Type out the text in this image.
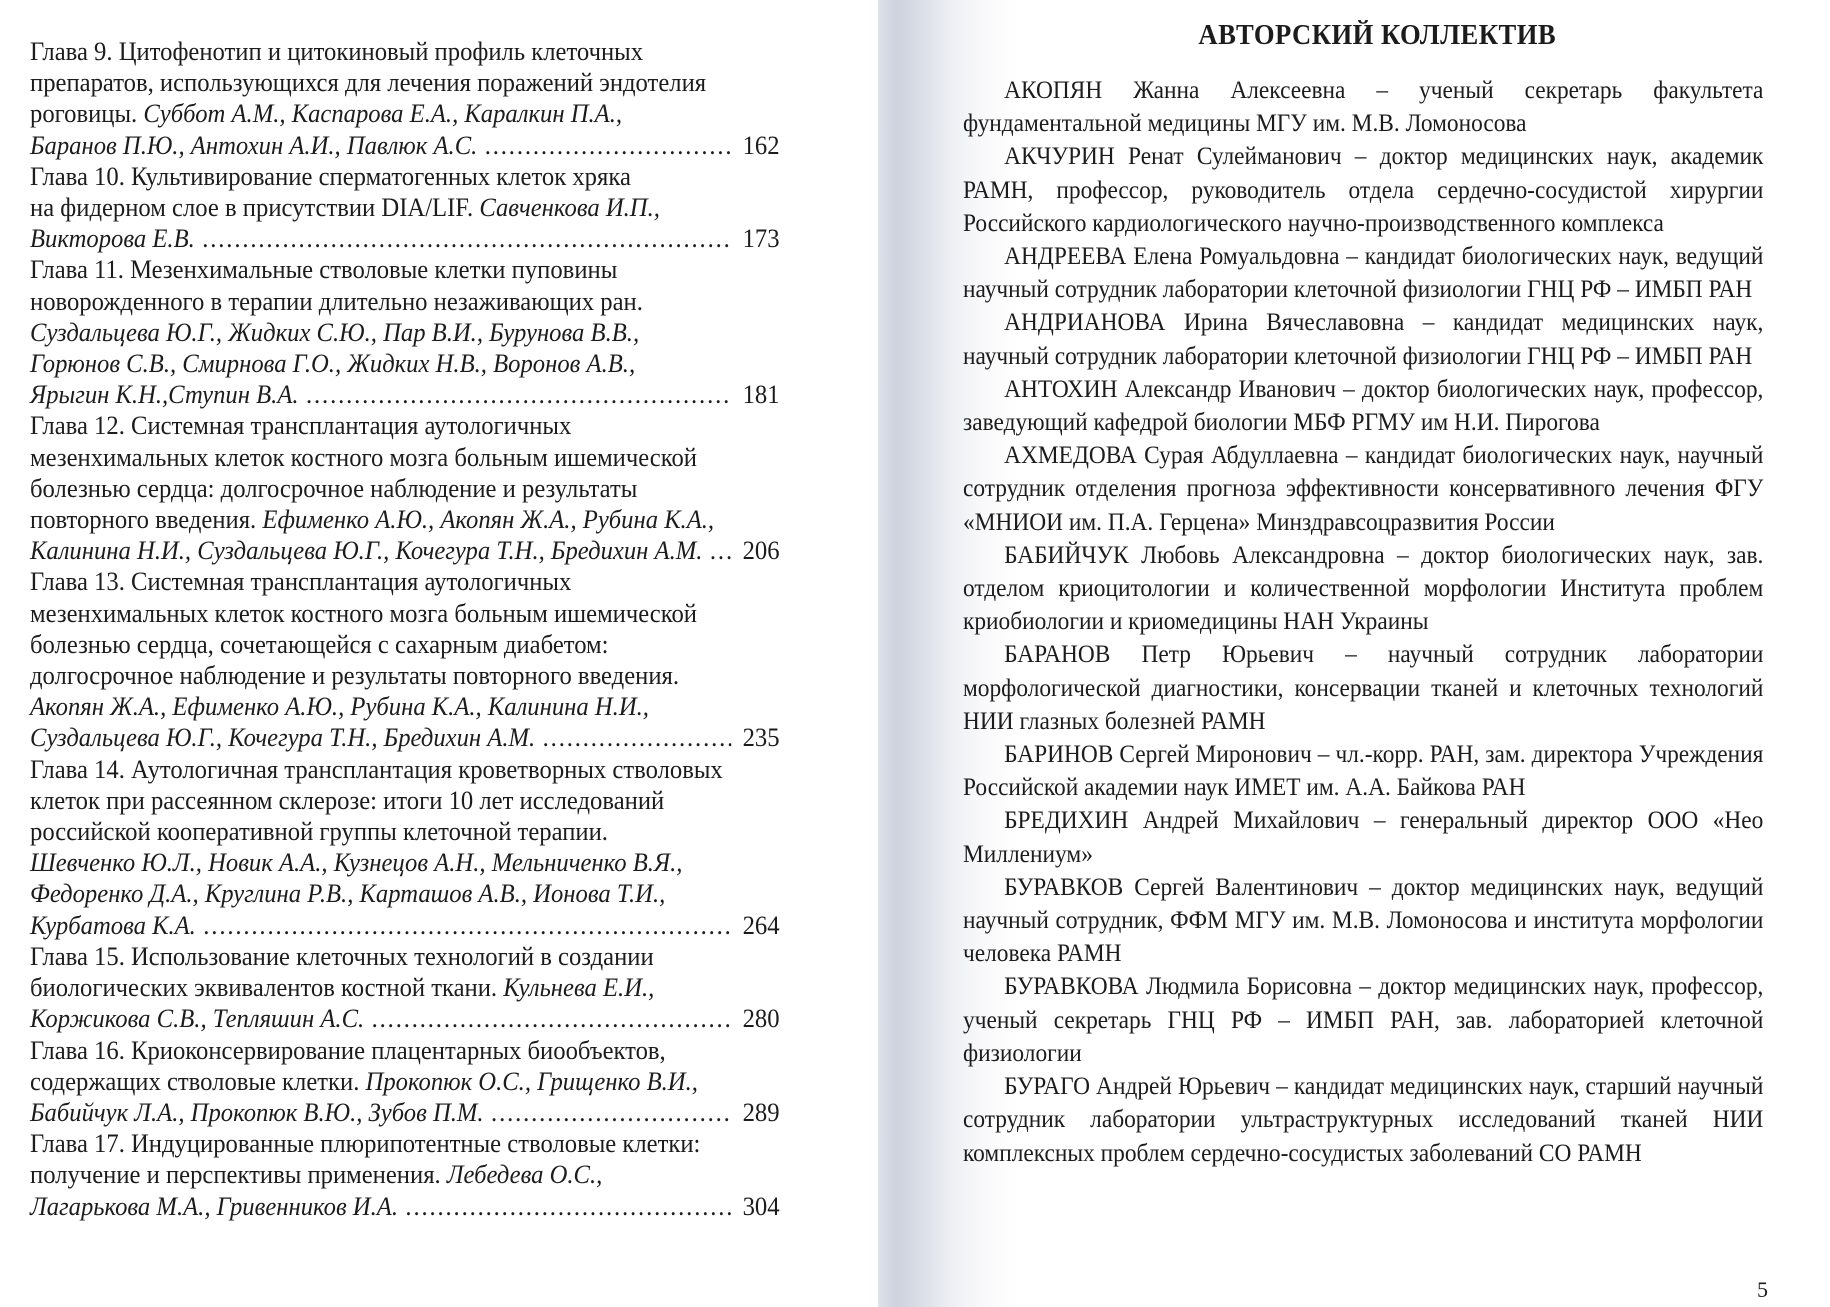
Глава 9. Цитофенотип и цитокиновый профиль клеточных
препаратов, использующихся для лечения поражений эндотелия
роговицы. Суббот А.М., Каспарова Е.А., Каралкин П.А.,
Баранов П.Ю., Антохин А.И., Павлюк А.С. .....	162
Глава 10. Культивирование сперматогенных клеток хряка
на фидерном слое в присутствии DIA/LIF. Савченкова И.П.,
Викторова Е.В. .....	173
Глава 11. Мезенхимальные стволовые клетки пуповины
новорожденного в терапии длительно незаживающих ран.
Суздальцева Ю.Г., Жидких С.Ю., Пар В.И., Бурунова В.В.,
Горюнов С.В., Смирнова Г.О., Жидких Н.В., Воронов А.В.,
Ярыгин К.Н.,Ступин В.А. .....	181
Глава 12. Системная трансплантация аутологичных
мезенхимальных клеток костного мозга больным ишемической
болезнью сердца: долгосрочное наблюдение и результаты
повторного введения. Ефименко А.Ю., Акопян Ж.А., Рубина К.А.,
Калинина Н.И., Суздальцева Ю.Г., Кочегура Т.Н., Бредихин А.М. ..... 206
Глава 13. Системная трансплантация аутологичных
мезенхимальных клеток костного мозга больным ишемической
болезнью сердца, сочетающейся с сахарным диабетом:
долгосрочное наблюдение и результаты повторного введения.
Акопян Ж.А., Ефименко А.Ю., Рубина К.А., Калинина Н.И.,
Суздальцева Ю.Г., Кочегура Т.Н., Бредихин А.М. .....	235
Глава 14. Аутологичная трансплантация кроветворных стволовых
клеток при рассеянном склерозе: итоги 10 лет исследований
российской кооперативной группы клеточной терапии.
Шевченко Ю.Л., Новик А.А., Кузнецов А.Н., Мельниченко В.Я.,
Федоренко Д.А., Круглина Р.В., Карташов А.В., Ионова Т.И.,
Курбатова К.А. .....	264
Глава 15. Использование клеточных технологий в создании
биологических эквивалентов костной ткани. Кульнева Е.И.,
Коржикова С.В., Тепляшин А.С. .....	280
Глава 16. Криоконсервирование плацентарных биообъектов,
содержащих стволовые клетки. Прокопюк О.С., Грищенко В.И.,
Бабийчук Л.А., Прокопюк В.Ю., Зубов П.М. .....	289
Глава 17. Индуцированные плюрипотентные стволовые клетки:
получение и перспективы применения. Лебедева О.С.,
Лагарькова М.А., Гривенников И.А. .....	304
АВТОРСКИЙ КОЛЛЕКТИВ

АКОПЯН Жанна Алексеевна – ученый секретарь факультета фундаментальной медицины МГУ им. М.В. Ломоносова

АКЧУРИН Ренат Сулейманович – доктор медицинских наук, академик РАМН, профессор, руководитель отдела сердечно-сосудистой хирургии Российского кардиологического научно-производственного комплекса

АНДРЕЕВА Елена Ромуальдовна – кандидат биологических наук, ведущий научный сотрудник лаборатории клеточной физиологии ГНЦ РФ – ИМБП РАН

АНДРИАНОВА Ирина Вячеславовна – кандидат медицинских наук, научный сотрудник лаборатории клеточной физиологии ГНЦ РФ – ИМБП РАН

АНТОХИН Александр Иванович – доктор биологических наук, профессор, заведующий кафедрой биологии МБФ РГМУ им Н.И. Пирогова

АХМЕДОВА Сурая Абдуллаевна – кандидат биологических наук, научный сотрудник отделения прогноза эффективности консервативного лечения ФГУ «МНИОИ им. П.А. Герцена» Минздравсоцразвития России

БАБИЙЧУК Любовь Александровна – доктор биологических наук, зав. отделом криоцитологии и количественной морфологии Института проблем криобиологии и криомедицины НАН Украины

БАРАНОВ Петр Юрьевич – научный сотрудник лаборатории морфологической диагностики, консервации тканей и клеточных технологий НИИ глазных болезней РАМН

БАРИНОВ Сергей Миронович – чл.-корр. РАН, зам. директора Учреждения Российской академии наук ИМЕТ им. А.А. Байкова РАН

БРЕДИХИН Андрей Михайлович – генеральный директор ООО «Нео Миллениум»

БУРАВКОВ Сергей Валентинович – доктор медицинских наук, ведущий научный сотрудник, ФФМ МГУ им. М.В. Ломоносова и института морфологии человека РАМН

БУРАВКОВА Людмила Борисовна – доктор медицинских наук, профессор, ученый секретарь ГНЦ РФ – ИМБП РАН, зав. лабораторией клеточной физиологии

БУРАГО Андрей Юрьевич – кандидат медицинских наук, старший научный сотрудник лаборатории ультраструктурных исследований тканей НИИ комплексных проблем сердечно-сосудистых заболеваний СО РАМН

5
